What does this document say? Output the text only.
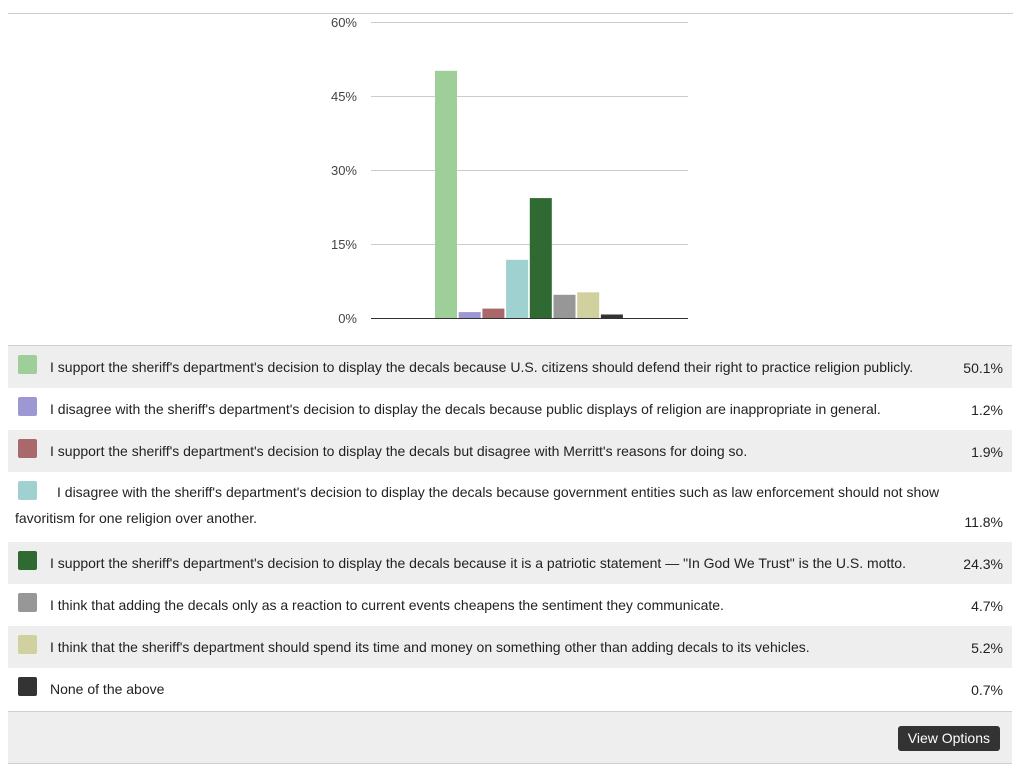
0%
15%
30%
45%
60%
I support the sheriff's department's decision to display the decals because U.S. citizens should defend their right to practice religion publicly.	50.1%
I disagree with the sheriff's department's decision to display the decals because public displays of religion are inappropriate in general.	1.2%
I support the sheriff's department's decision to display the decals but disagree with Merritt's reasons for doing so.	1.9%
I disagree with the sheriff's department's decision to display the decals because government entities such as law enforcement should not show favoritism for one religion over another.	11.8%
I support the sheriff's department's decision to display the decals because it is a patriotic statement — "In God We Trust" is the U.S. motto.	24.3%
I think that adding the decals only as a reaction to current events cheapens the sentiment they communicate.	4.7%
I think that the sheriff's department should spend its time and money on something other than adding decals to its vehicles.	5.2%
None of the above	0.7%
View Options
